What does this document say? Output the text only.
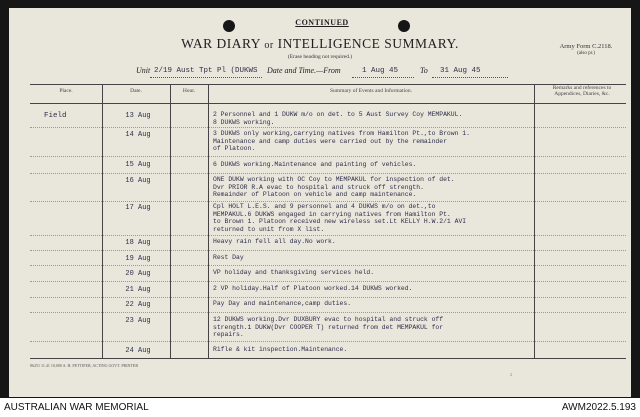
CONTINUED
WAR DIARY or INTELLIGENCE SUMMARY.
(Erase heading not required.)
Army Form C.2118.
(also pr.)
Unit 2/19 Aust Tpt Pl (DUKWS Date and Time.—From	1 Aug 45	To 31 Aug 45
Place.	Date.	Hour.	Summary of Events and Information.	Remarks and references to Appendices, Diaries, &c.
Field	13 Aug	2 Personnel and 1 DUKW m/o on det. to 5 Aust Survey Coy MEMPAKUL.
8 DUKWS working.
14 Aug	3 DUKWS only working,carrying natives from Hamilton Pt.,to Brown 1.
Maintenance and camp duties were carried out by the remainder
of Platoon.
15 Aug	6 DUKWS working.Maintenance and painting of vehicles.
16 Aug	ONE DUKW working with OC Coy to MEMPAKUL for inspection of det.
Dvr PRIOR R.A evac to hospital and struck off strength.
Remainder of Platoon on vehicle and camp maintenance.
17 Aug	Cpl HOLT L.E.S. and 9 personnel and 4 DUKWS m/o on det.,to
MEMPAKUL.6 DUKWS engaged in carrying natives from Hamilton Pt.
to Brown 1. Platoon received new wireless set.Lt KELLY H.W.2/1 AVI
returned to unit from X list.
18 Aug	Heavy rain fell all day.No work.
19 Aug	Rest Day
20 Aug	VP holiday and thanksgiving services held.
21 Aug	2 VP holiday.Half of Platoon worked.14 DUKWS worked.
22 Aug	Pay Day and maintenance,camp duties.
23 Aug	12 DUKWS working.Dvr DUXBURY evac to hospital and struck off
strength.1 DUKW(Dvr COOPER T) returned from det MEMPAKUL for
repairs.
24 Aug	Rifle & kit inspection.Maintenance.
86251 11.41 10,000 A. H. PETTIFER, ACTING GOVT. PRINTER
2
AUSTRALIAN WAR MEMORIAL	AWM2022.5.193
